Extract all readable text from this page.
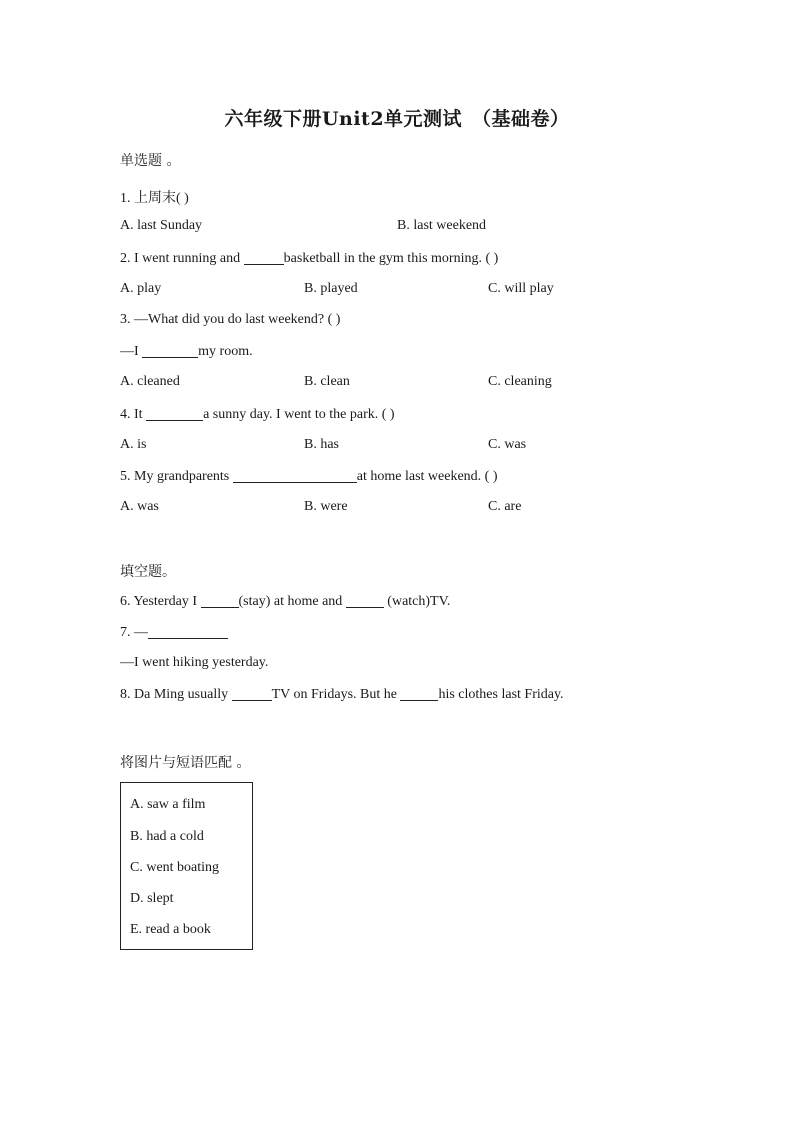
六年级下册Unit2单元测试　（基础卷）
单选题 。
1. 上周末( )
A. last Sunday	B. last weekend
2. I went running and	basketball in the gym this morning. ( )
A. play	B. played	C. will play
3. —What did you do last weekend? ( )
—I	my room.
A. cleaned	B. clean	C. cleaning
4. It	a sunny day. I went to the park. ( )
A. is	B. has	C. was
5. My grandparents	at home last weekend. ( )
A. was	B. were	C. are
填空题。
6. Yesterday I	(stay) at home and	(watch)TV.
7. —
—I went hiking yesterday.
8. Da Ming usually	TV on Fridays. But he	his clothes last Friday.
将图片与短语匹配 。
A. saw a film
B. had a cold
C. went boating
D. slept
E. read a book
